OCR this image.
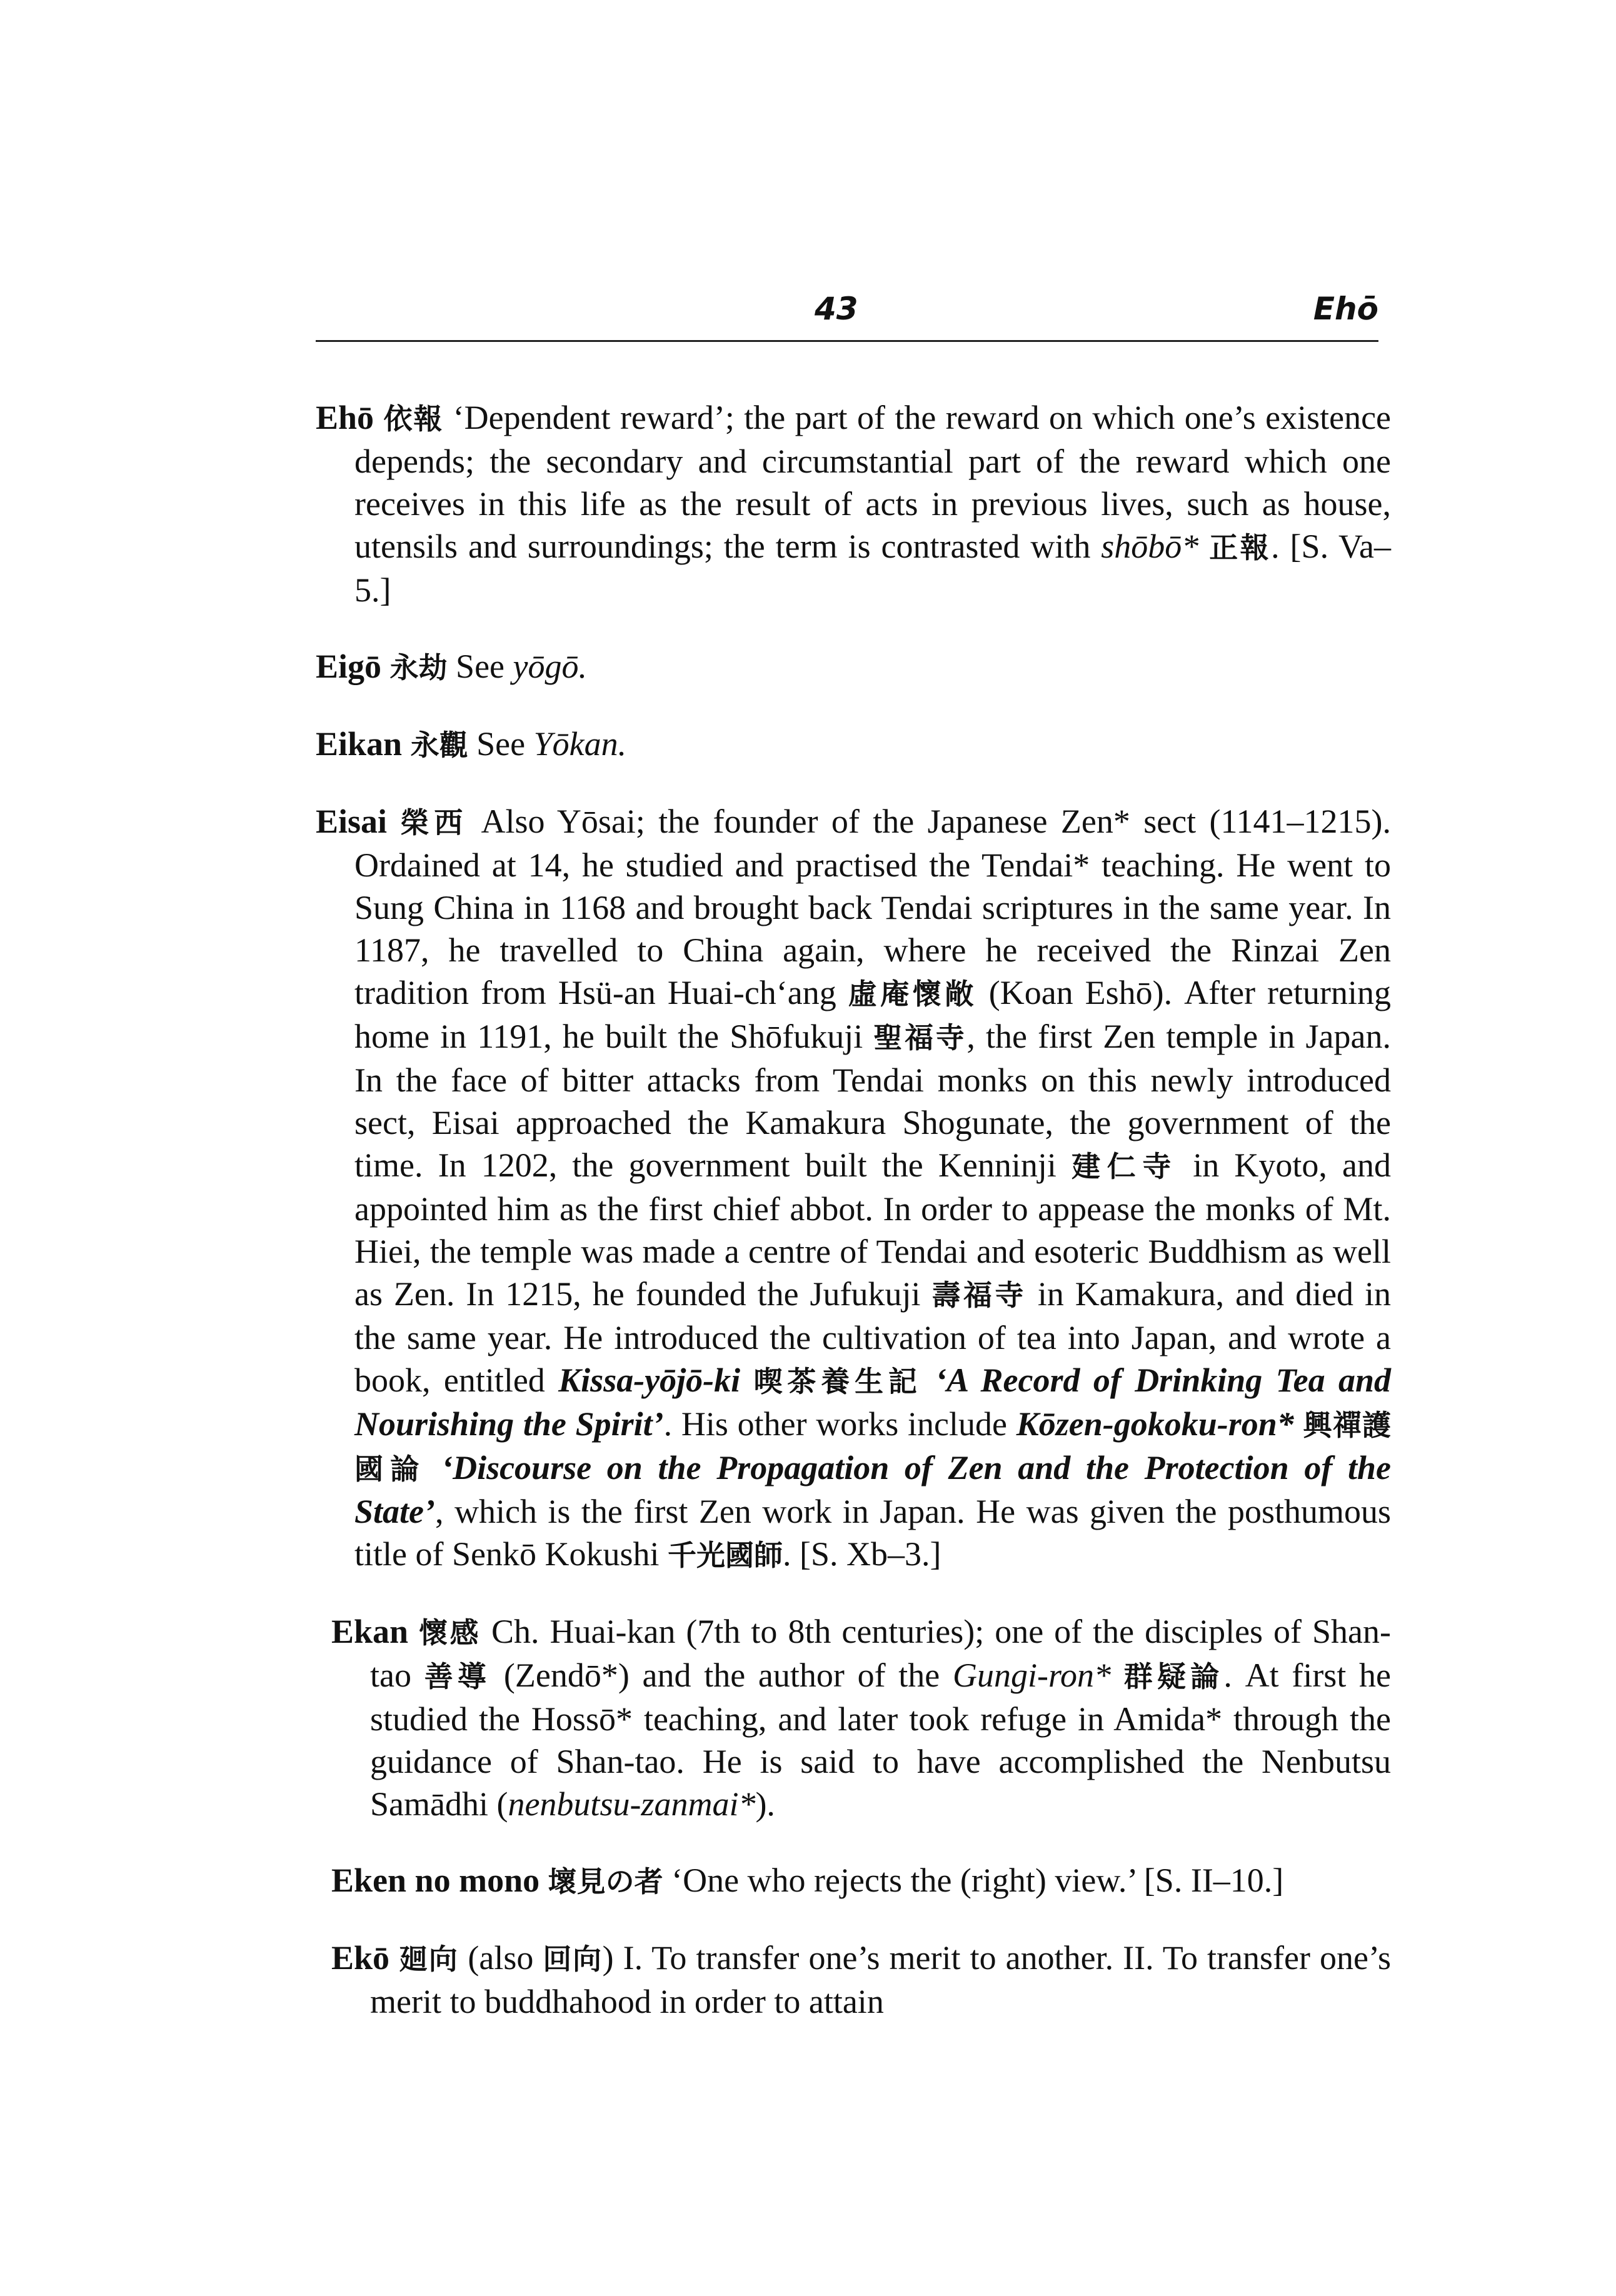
43	Ehō

Ehō 依報 ‘Dependent reward’; the part of the reward on which one’s existence depends; the secondary and circumstantial part of the reward which one receives in this life as the result of acts in previous lives, such as house, utensils and surroundings; the term is contrasted with shōbō* 正報. [S. Va–5.]

Eigō 永劫 See yōgō.

Eikan 永觀 See Yōkan.

Eisai 榮西 Also Yōsai; the founder of the Japanese Zen* sect (1141–1215). Ordained at 14, he studied and practised the Tendai* teaching. He went to Sung China in 1168 and brought back Tendai scriptures in the same year. In 1187, he travelled to China again, where he received the Rinzai Zen tradition from Hsü-an Huai-ch‘ang 虛庵懷敞 (Koan Eshō). After returning home in 1191, he built the Shōfukuji 聖福寺, the first Zen temple in Japan. In the face of bitter attacks from Tendai monks on this newly introduced sect, Eisai approached the Kamakura Shogunate, the government of the time. In 1202, the government built the Kenninji 建仁寺 in Kyoto, and appointed him as the first chief abbot. In order to appease the monks of Mt. Hiei, the temple was made a centre of Tendai and esoteric Buddhism as well as Zen. In 1215, he founded the Jufukuji 壽福寺 in Kamakura, and died in the same year. He introduced the cultivation of tea into Japan, and wrote a book, entitled Kissa-yōjō-ki 喫茶養生記 ‘A Record of Drinking Tea and Nourishing the Spirit’. His other works include Kōzen-gokoku-ron* 興禪護國論 ‘Discourse on the Propagation of Zen and the Protection of the State’, which is the first Zen work in Japan. He was given the posthumous title of Senkō Kokushi 千光國師. [S. Xb–3.]

Ekan 懷感 Ch. Huai-kan (7th to 8th centuries); one of the disciples of Shan-tao 善導 (Zendō*) and the author of the Gungi-ron* 群疑論. At first he studied the Hossō* teaching, and later took refuge in Amida* through the guidance of Shan-tao. He is said to have accomplished the Nenbutsu Samādhi (nenbutsu-zanmai*).

Eken no mono 壞見の者 ‘One who rejects the (right) view.’ [S. II–10.]

Ekō 廻向 (also 回向) I. To transfer one’s merit to another. II. To transfer one’s merit to buddhahood in order to attain
